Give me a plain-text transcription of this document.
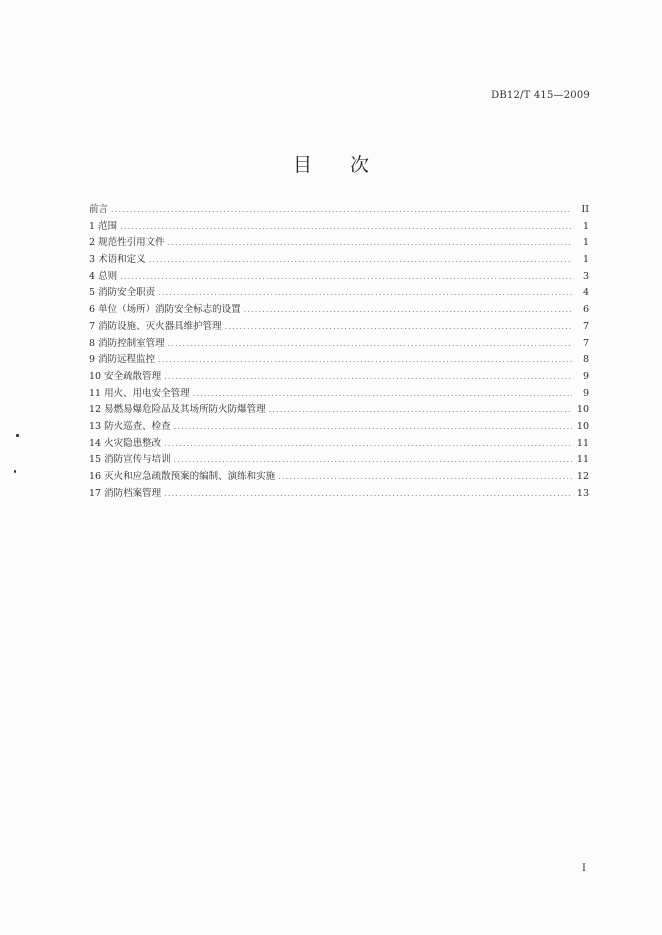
DB12/T 415—2009
目次
前言 .....	II
1 范围 .....	1
2 规范性引用文件 .....	1
3 术语和定义 .....	1
4 总则 .....	3
5 消防安全职责 .....	4
6 单位（场所）消防安全标志的设置 .....	6
7 消防设施、灭火器具维护管理 .....	7
8 消防控制室管理 .....	7
9 消防远程监控 .....	8
10 安全疏散管理 .....	9
11 用火、用电安全管理 .....	9
12 易燃易爆危险品及其场所防火防爆管理 .....	10
13 防火巡查、检查 .....	10
14 火灾隐患整改 .....	11
15 消防宣传与培训 .....	11
16 灭火和应急疏散预案的编制、演练和实施 .....	12
17 消防档案管理 .....	13
I
